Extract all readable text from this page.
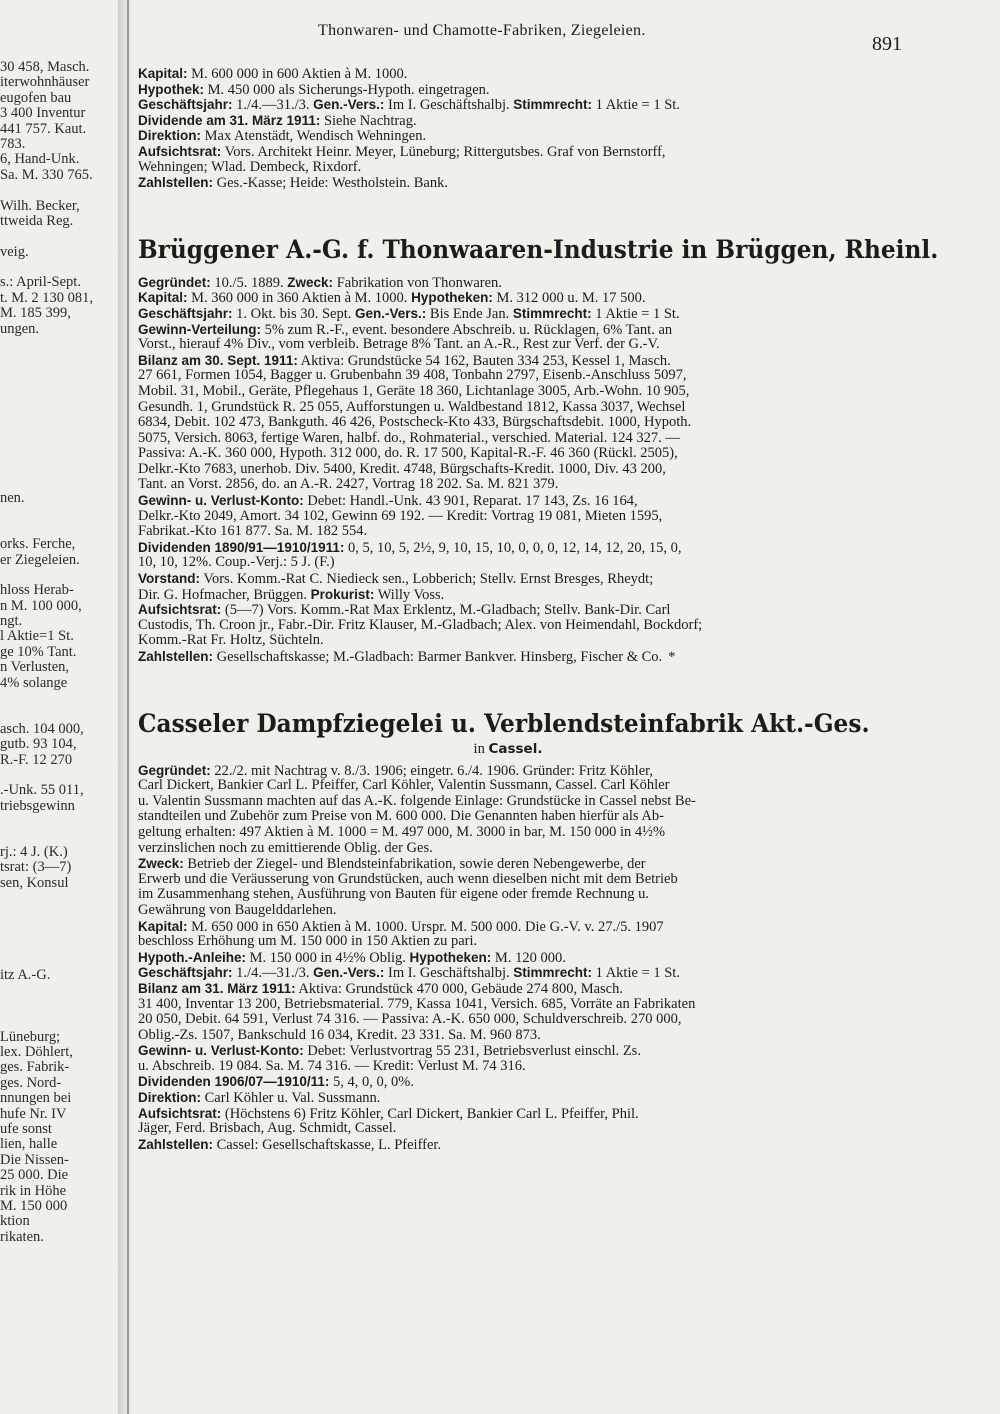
30 458, Masch.
iterwohnhäuser
eugofen bau
3 400 Inventur
441 757. Kaut.
783.
6, Hand-Unk.
Sa. M. 330 765.
Wilh. Becker,
ttweida Reg.
veig.
s.: April-Sept.
t. M. 2 130 081,
M. 185 399,
ungen.
nen.
orks. Ferche,
er Ziegeleien.
hloss Herab-
n M. 100 000,
ngt.
l Aktie=1 St.
ge 10% Tant.
n Verlusten,
4% solange
asch. 104 000,
gutb. 93 104,
R.-F. 12 270
.-Unk. 55 011,
triebsgewinn
rj.: 4 J. (K.)
tsrat: (3—7)
sen, Konsul
itz A.-G.
Lüneburg;
lex. Döhlert,
ges. Fabrik-
ges. Nord-
nnungen bei
hufe Nr. IV
ufe sonst
lien, halle
Die Nissen-
25 000. Die
rik in Höhe
M. 150 000
ktion
rikaten.
Thonwaren- und Chamotte-Fabriken, Ziegeleien.
891
Kapital: M. 600 000 in 600 Aktien à M. 1000.
Hypothek: M. 450 000 als Sicherungs-Hypoth. eingetragen.
Geschäftsjahr: 1./4.—31./3. Gen.-Vers.: Im I. Geschäftshalbj. Stimmrecht: 1 Aktie = 1 St.
Dividende am 31. März 1911: Siehe Nachtrag.
Direktion: Max Atenstädt, Wendisch Wehningen.
Aufsichtsrat: Vors. Architekt Heinr. Meyer, Lüneburg; Rittergutsbes. Graf von Bernstorff,
Wehningen; Wlad. Dembeck, Rixdorf.
Zahlstellen: Ges.-Kasse; Heide: Westholstein. Bank.
Brüggener A.-G. f. Thonwaaren-Industrie in Brüggen, Rheinl.
Gegründet: 10./5. 1889. Zweck: Fabrikation von Thonwaren.
Kapital: M. 360 000 in 360 Aktien à M. 1000. Hypotheken: M. 312 000 u. M. 17 500.
Geschäftsjahr: 1. Okt. bis 30. Sept. Gen.-Vers.: Bis Ende Jan. Stimmrecht: 1 Aktie = 1 St.
Gewinn-Verteilung: 5% zum R.-F., event. besondere Abschreib. u. Rücklagen, 6% Tant. an
Vorst., hierauf 4% Div., vom verbleib. Betrage 8% Tant. an A.-R., Rest zur Verf. der G.-V.
Bilanz am 30. Sept. 1911: Aktiva: Grundstücke 54 162, Bauten 334 253, Kessel 1, Masch.
27 661, Formen 1054, Bagger u. Grubenbahn 39 408, Tonbahn 2797, Eisenb.-Anschluss 5097,
Mobil. 31, Mobil., Geräte, Pflegehaus 1, Geräte 18 360, Lichtanlage 3005, Arb.-Wohn. 10 905,
Gesundh. 1, Grundstück R. 25 055, Aufforstungen u. Waldbestand 1812, Kassa 3037, Wechsel
6834, Debit. 102 473, Bankguth. 46 426, Postscheck-Kto 433, Bürgschaftsdebit. 1000, Hypoth.
5075, Versich. 8063, fertige Waren, halbf. do., Rohmaterial., verschied. Material. 124 327. —
Passiva: A.-K. 360 000, Hypoth. 312 000, do. R. 17 500, Kapital-R.-F. 46 360 (Rückl. 2505),
Delkr.-Kto 7683, unerhob. Div. 5400, Kredit. 4748, Bürgschafts-Kredit. 1000, Div. 43 200,
Tant. an Vorst. 2856, do. an A.-R. 2427, Vortrag 18 202. Sa. M. 821 379.
Gewinn- u. Verlust-Konto: Debet: Handl.-Unk. 43 901, Reparat. 17 143, Zs. 16 164,
Delkr.-Kto 2049, Amort. 34 102, Gewinn 69 192. — Kredit: Vortrag 19 081, Mieten 1595,
Fabrikat.-Kto 161 877. Sa. M. 182 554.
Dividenden 1890/91—1910/1911: 0, 5, 10, 5, 2½, 9, 10, 15, 10, 0, 0, 0, 12, 14, 12, 20, 15, 0,
10, 10, 12%. Coup.-Verj.: 5 J. (F.)
Vorstand: Vors. Komm.-Rat C. Niedieck sen., Lobberich; Stellv. Ernst Bresges, Rheydt;
Dir. G. Hofmacher, Brüggen. Prokurist: Willy Voss.
Aufsichtsrat: (5—7) Vors. Komm.-Rat Max Erklentz, M.-Gladbach; Stellv. Bank-Dir. Carl
Custodis, Th. Croon jr., Fabr.-Dir. Fritz Klauser, M.-Gladbach; Alex. von Heimendahl, Bockdorf;
Komm.-Rat Fr. Holtz, Süchteln.
Zahlstellen: Gesellschaftskasse; M.-Gladbach: Barmer Bankver. Hinsberg, Fischer & Co. *
Casseler Dampfziegelei u. Verblendsteinfabrik Akt.-Ges.
in Cassel.
Gegründet: 22./2. mit Nachtrag v. 8./3. 1906; eingetr. 6./4. 1906. Gründer: Fritz Köhler,
Carl Dickert, Bankier Carl L. Pfeiffer, Carl Köhler, Valentin Sussmann, Cassel. Carl Köhler
u. Valentin Sussmann machten auf das A.-K. folgende Einlage: Grundstücke in Cassel nebst Be-
standteilen und Zubehör zum Preise von M. 600 000. Die Genannten haben hierfür als Ab-
geltung erhalten: 497 Aktien à M. 1000 = M. 497 000, M. 3000 in bar, M. 150 000 in 4½%
verzinslichen noch zu emittierende Oblig. der Ges.
Zweck: Betrieb der Ziegel- und Blendsteinfabrikation, sowie deren Nebengewerbe, der
Erwerb und die Veräusserung von Grundstücken, auch wenn dieselben nicht mit dem Betrieb
im Zusammenhang stehen, Ausführung von Bauten für eigene oder fremde Rechnung u.
Gewährung von Baugelddarlehen.
Kapital: M. 650 000 in 650 Aktien à M. 1000. Urspr. M. 500 000. Die G.-V. v. 27./5. 1907
beschloss Erhöhung um M. 150 000 in 150 Aktien zu pari.
Hypoth.-Anleihe: M. 150 000 in 4½% Oblig. Hypotheken: M. 120 000.
Geschäftsjahr: 1./4.—31./3. Gen.-Vers.: Im I. Geschäftshalbj. Stimmrecht: 1 Aktie = 1 St.
Bilanz am 31. März 1911: Aktiva: Grundstück 470 000, Gebäude 274 800, Masch.
31 400, Inventar 13 200, Betriebsmaterial. 779, Kassa 1041, Versich. 685, Vorräte an Fabrikaten
20 050, Debit. 64 591, Verlust 74 316. — Passiva: A.-K. 650 000, Schuldverschreib. 270 000,
Oblig.-Zs. 1507, Bankschuld 16 034, Kredit. 23 331. Sa. M. 960 873.
Gewinn- u. Verlust-Konto: Debet: Verlustvortrag 55 231, Betriebsverlust einschl. Zs.
u. Abschreib. 19 084. Sa. M. 74 316. — Kredit: Verlust M. 74 316.
Dividenden 1906/07—1910/11: 5, 4, 0, 0, 0%.
Direktion: Carl Köhler u. Val. Sussmann.
Aufsichtsrat: (Höchstens 6) Fritz Köhler, Carl Dickert, Bankier Carl L. Pfeiffer, Phil.
Jäger, Ferd. Brisbach, Aug. Schmidt, Cassel.
Zahlstellen: Cassel: Gesellschaftskasse, L. Pfeiffer.
